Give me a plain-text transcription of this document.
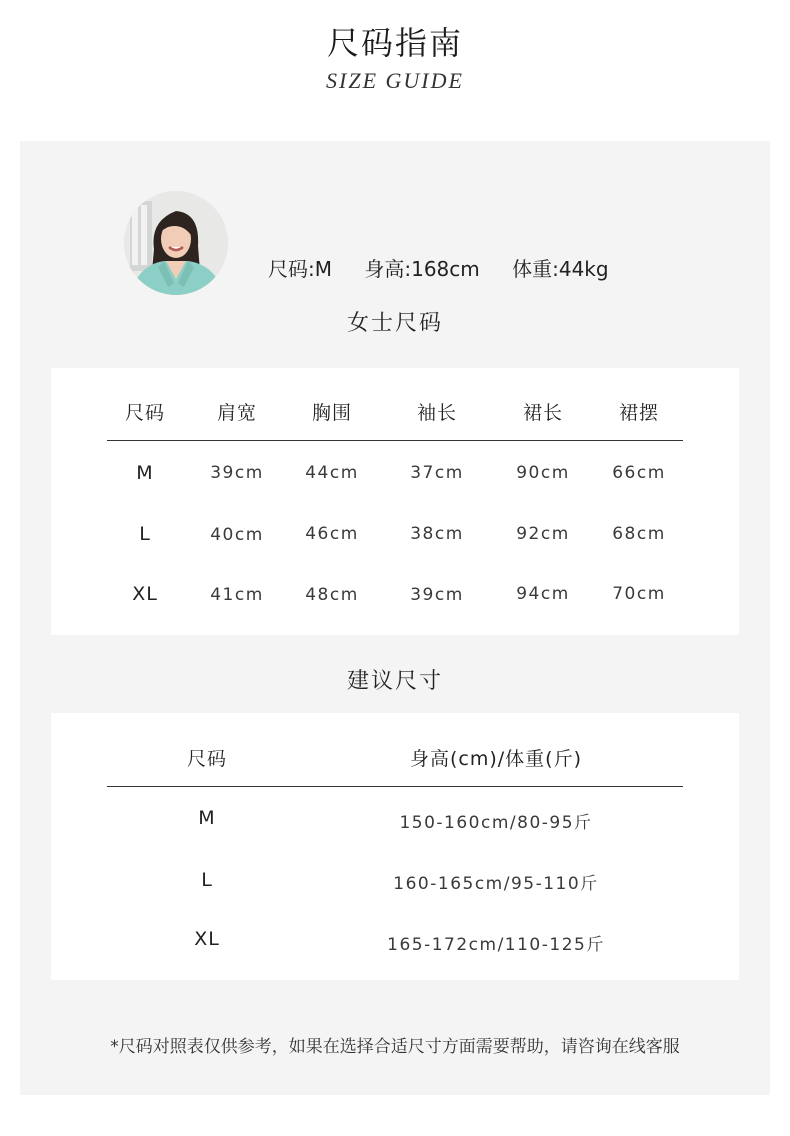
尺码指南
SIZE GUIDE
尺码:M 身高:168cm 体重:44kg
女士尺码
尺码	肩宽	胸围	袖长	裙长	裙摆
M	39cm	44cm	37cm	90cm	66cm
L	40cm	46cm	38cm	92cm	68cm
XL	41cm	48cm	39cm	94cm	70cm
建议尺寸
尺码	身高(cm)/体重(斤)
M	150-160cm/80-95斤
L	160-165cm/95-110斤
XL	165-172cm/110-125斤
*尺码对照表仅供参考，如果在选择合适尺寸方面需要帮助，请咨询在线客服
